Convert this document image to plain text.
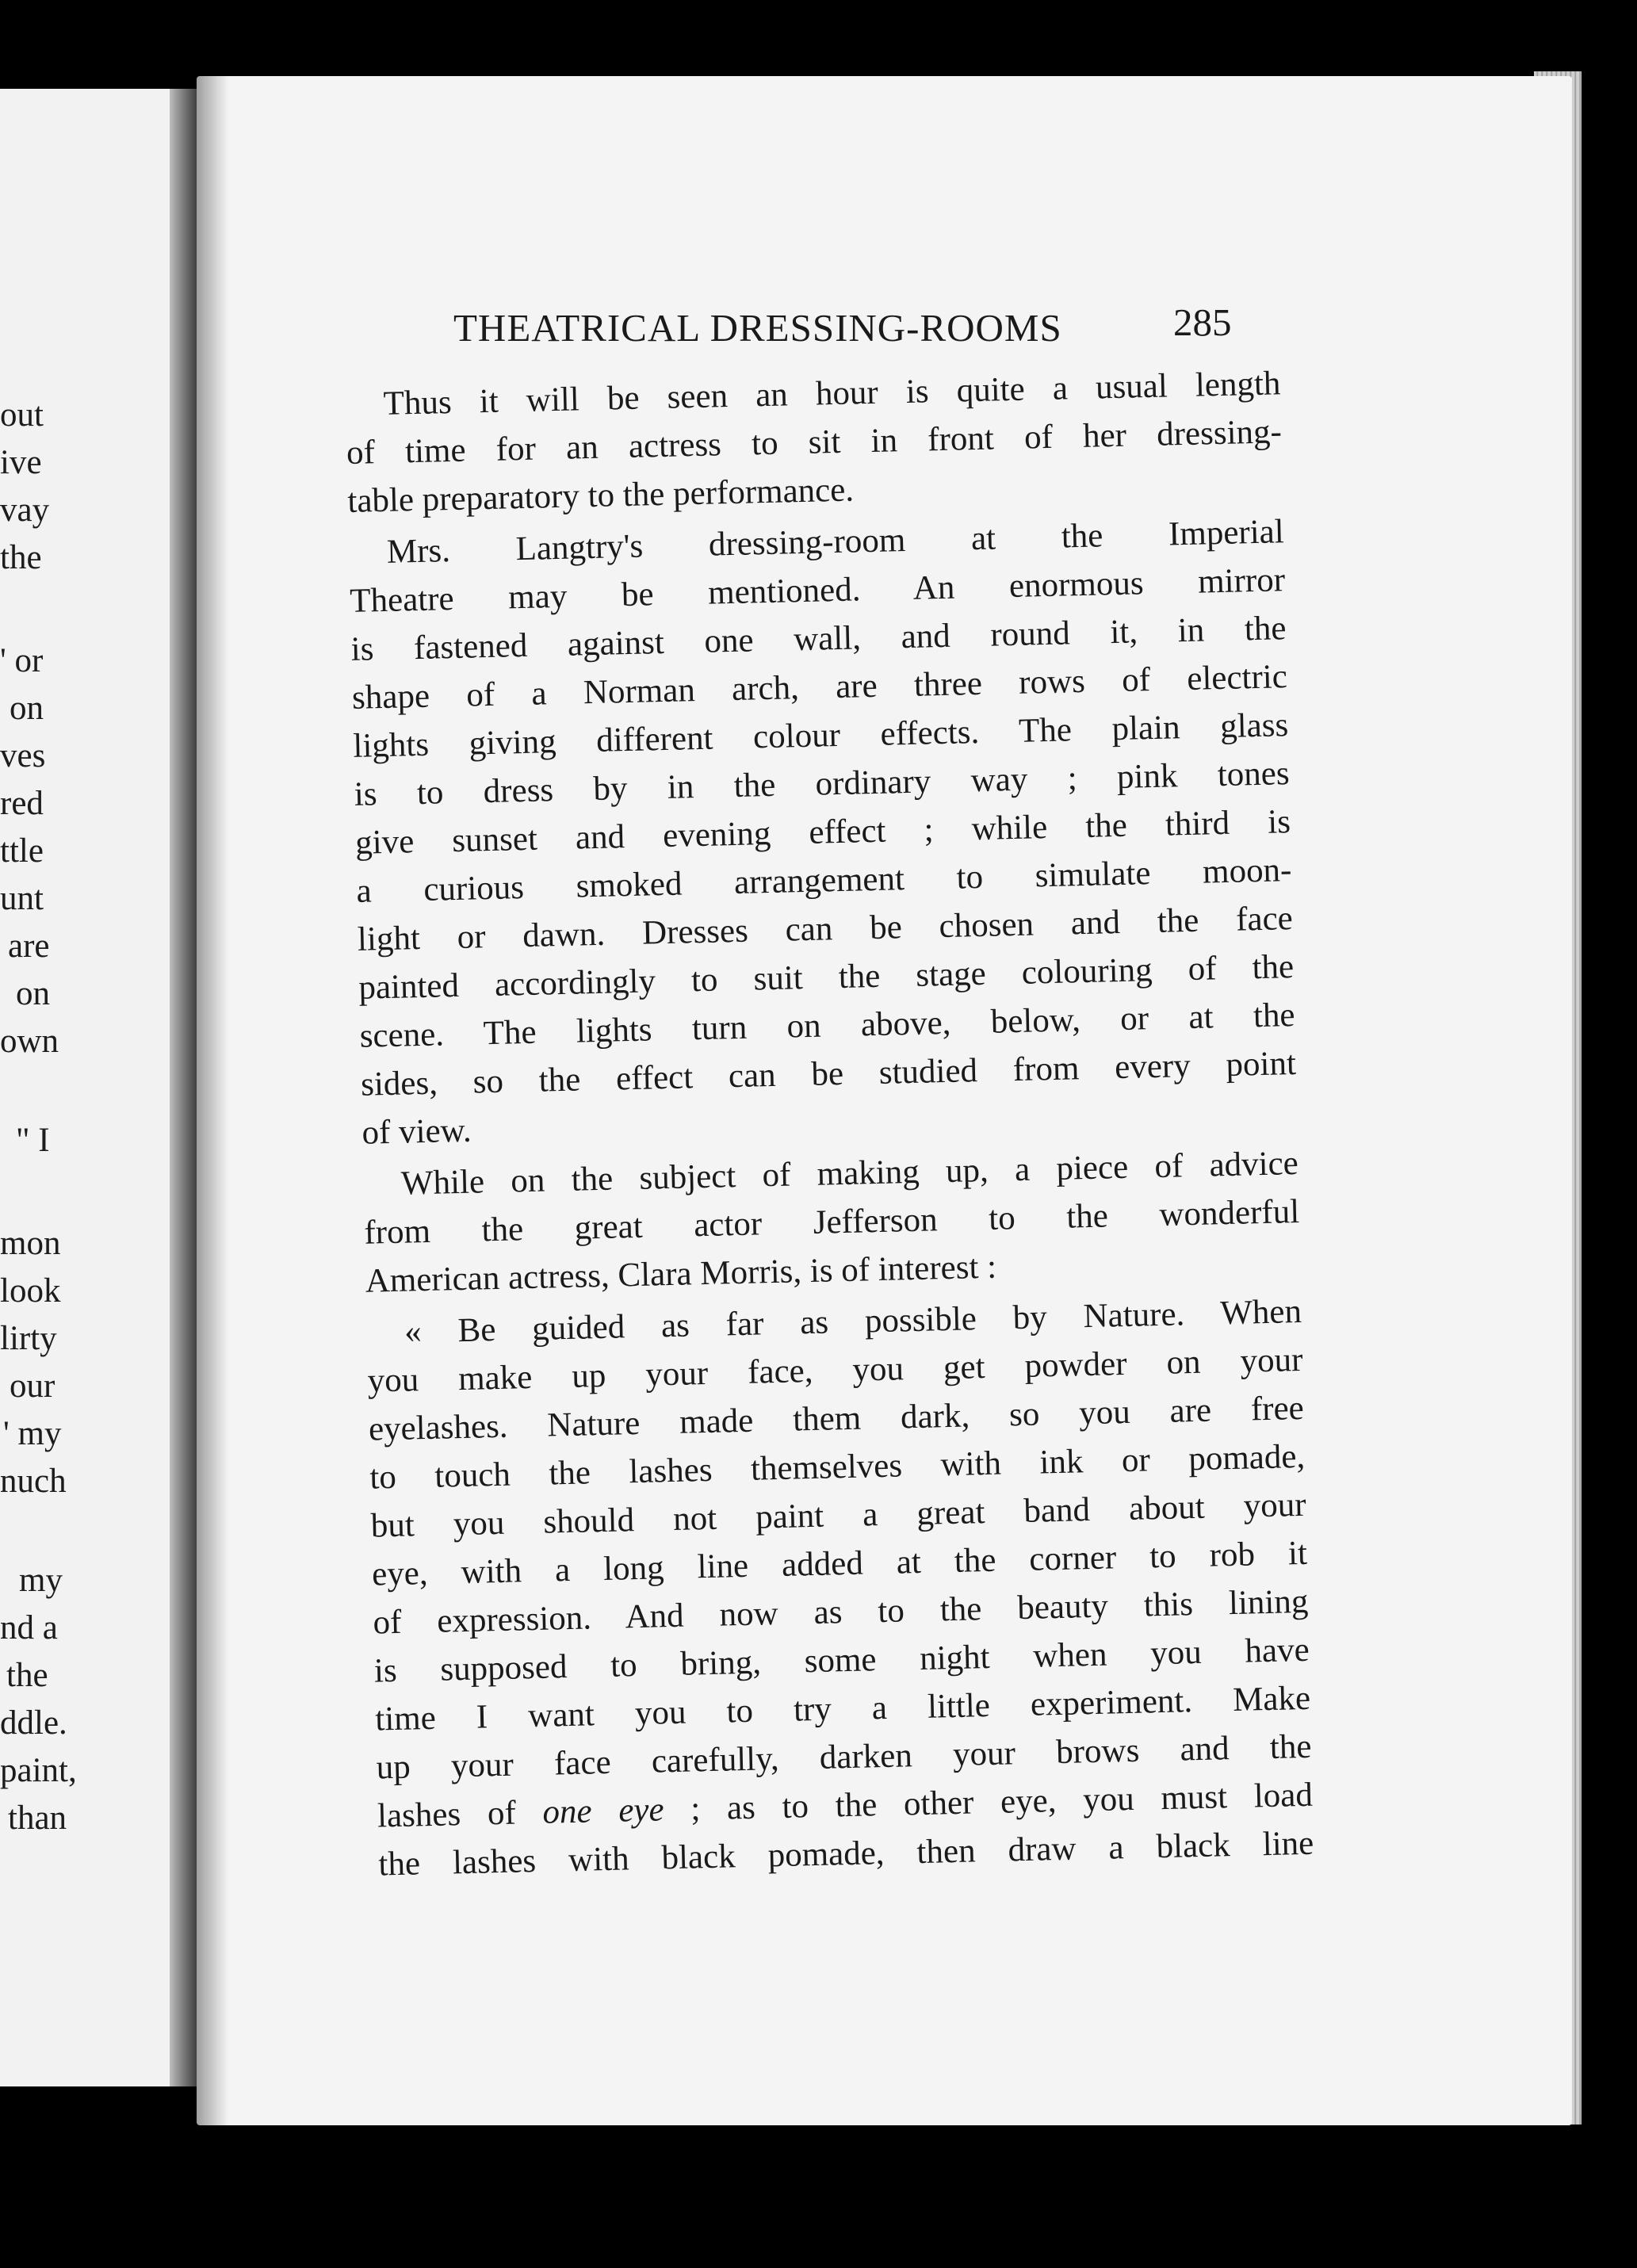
out
ive
vay
the
' or
on
ves
red
ttle
unt
are
on
own
" I
mon
look
lirty
our
' my
nuch
my
nd a
the
ddle.
paint,
than
THEATRICAL DRESSING-ROOMS	285
Thus it will be seen an hour is quite a usual length
of time for an actress to sit in front of her dressing-
table preparatory to the performance.
Mrs. Langtry's dressing-room at the Imperial
Theatre may be mentioned. An enormous mirror
is fastened against one wall, and round it, in the
shape of a Norman arch, are three rows of electric
lights giving different colour effects. The plain glass
is to dress by in the ordinary way ; pink tones
give sunset and evening effect ; while the third is
a curious smoked arrangement to simulate moon-
light or dawn. Dresses can be chosen and the face
painted accordingly to suit the stage colouring of the
scene. The lights turn on above, below, or at the
sides, so the effect can be studied from every point
of view.
While on the subject of making up, a piece of advice
from the great actor Jefferson to the wonderful
American actress, Clara Morris, is of interest :
« Be guided as far as possible by Nature. When
you make up your face, you get powder on your
eyelashes. Nature made them dark, so you are free
to touch the lashes themselves with ink or pomade,
but you should not paint a great band about your
eye, with a long line added at the corner to rob it
of expression. And now as to the beauty this lining
is supposed to bring, some night when you have
time I want you to try a little experiment. Make
up your face carefully, darken your brows and the
lashes of one eye ; as to the other eye, you must load
the lashes with black pomade, then draw a black line
